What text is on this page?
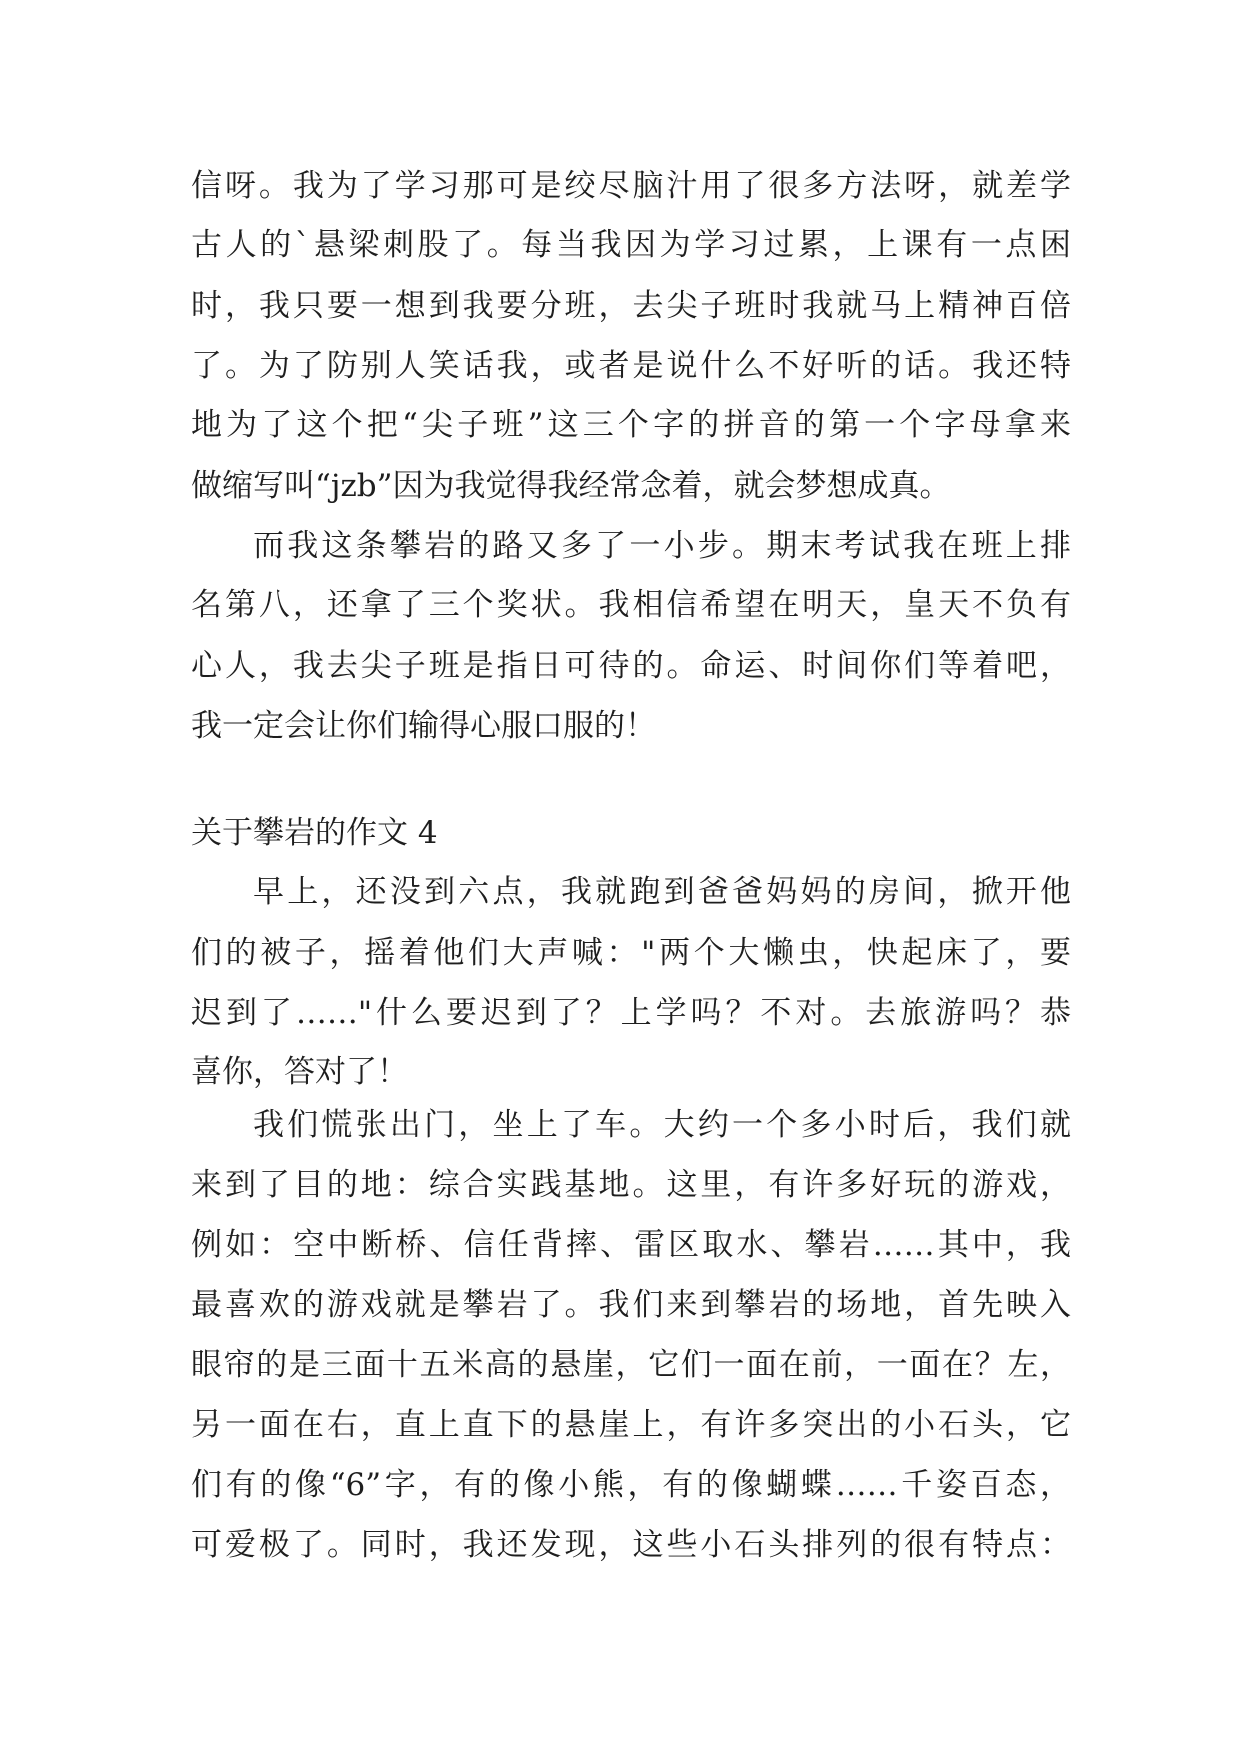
信呀。我为了学习那可是绞尽脑汁用了很多方法呀，就差学
古人的`悬梁刺股了。每当我因为学习过累，上课有一点困
时，我只要一想到我要分班，去尖子班时我就马上精神百倍
了。为了防别人笑话我，或者是说什么不好听的话。我还特
地为了这个把“尖子班”这三个字的拼音的第一个字母拿来
做缩写叫“jzb”因为我觉得我经常念着，就会梦想成真。
而我这条攀岩的路又多了一小步。期末考试我在班上排
名第八，还拿了三个奖状。我相信希望在明天，皇天不负有
心人，我去尖子班是指日可待的。命运、时间你们等着吧，
我一定会让你们输得心服口服的！
关于攀岩的作文 4
早上，还没到六点，我就跑到爸爸妈妈的房间，掀开他
们的被子，摇着他们大声喊："两个大懒虫，快起床了，要
迟到了……"什么要迟到了？上学吗？不对。去旅游吗？恭
喜你，答对了！
我们慌张出门，坐上了车。大约一个多小时后，我们就
来到了目的地：综合实践基地。这里，有许多好玩的游戏，
例如：空中断桥、信任背摔、雷区取水、攀岩……其中，我
最喜欢的游戏就是攀岩了。我们来到攀岩的场地，首先映入
眼帘的是三面十五米高的悬崖，它们一面在前，一面在？左，
另一面在右，直上直下的悬崖上，有许多突出的小石头，它
们有的像“6”字，有的像小熊，有的像蝴蝶……千姿百态，
可爱极了。同时，我还发现，这些小石头排列的很有特点：
